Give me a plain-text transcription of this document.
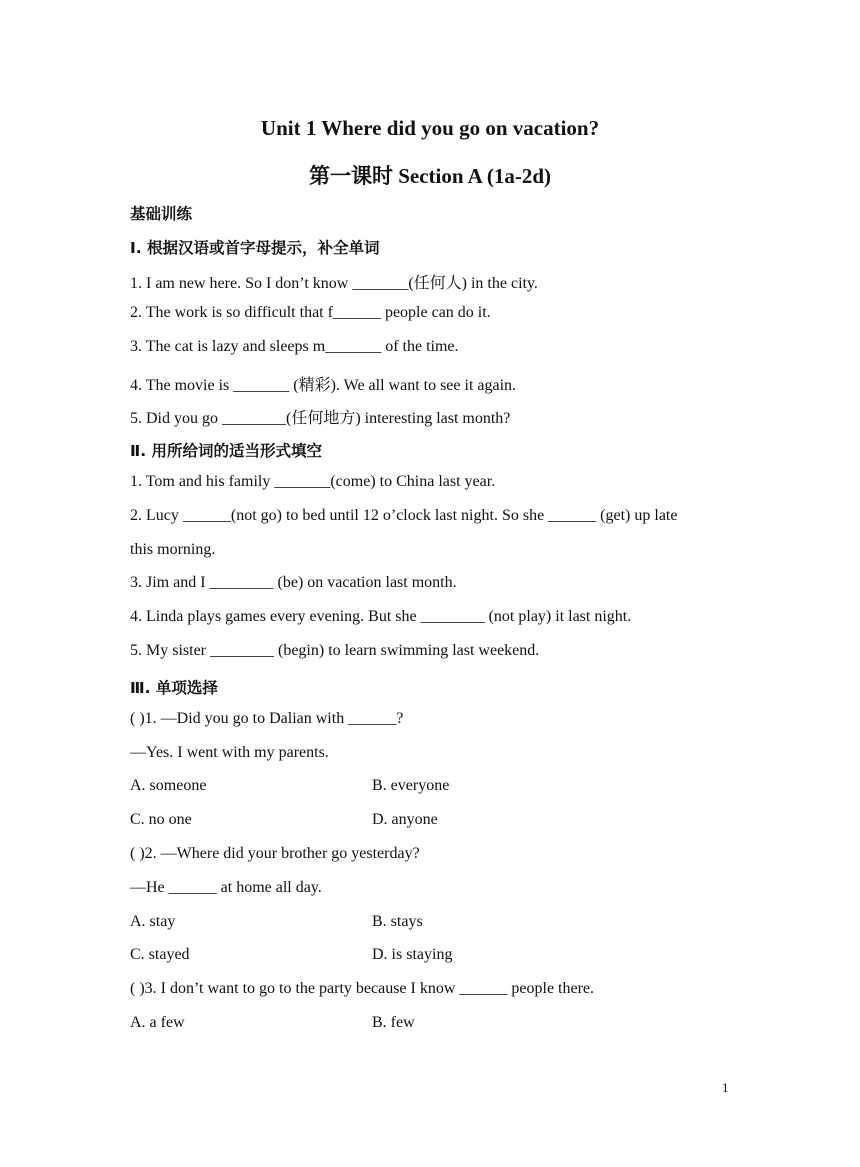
Unit 1 Where did you go on vacation?
第一课时 Section A (1a-2d)
基础训练
I. 根据汉语或首字母提示，补全单词
1. I am new here. So I don’t know _______(任何人) in the city.
2. The work is so difficult that f______ people can do it.
3. The cat is lazy and sleeps m_______ of the time.
4. The movie is _______ (精彩). We all want to see it again.
5. Did you go ________(任何地方) interesting last month?
Ⅱ. 用所给词的适当形式填空
1. Tom and his family _______(come) to China last year.
2. Lucy ______(not go) to bed until 12 o’clock last night. So she ______ (get) up late
this morning.
3. Jim and I ________ (be) on vacation last month.
4. Linda plays games every evening. But she ________ (not play) it last night.
5. My sister ________ (begin) to learn swimming last weekend.
Ⅲ. 单项选择
( )1. —Did you go to Dalian with ______?
—Yes. I went with my parents.
A. someone	B. everyone
C. no one	D. anyone
( )2. —Where did your brother go yesterday?
—He ______ at home all day.
A. stay	B. stays
C. stayed	D. is staying
( )3. I don’t want to go to the party because I know ______ people there.
A. a few	B. few
1
